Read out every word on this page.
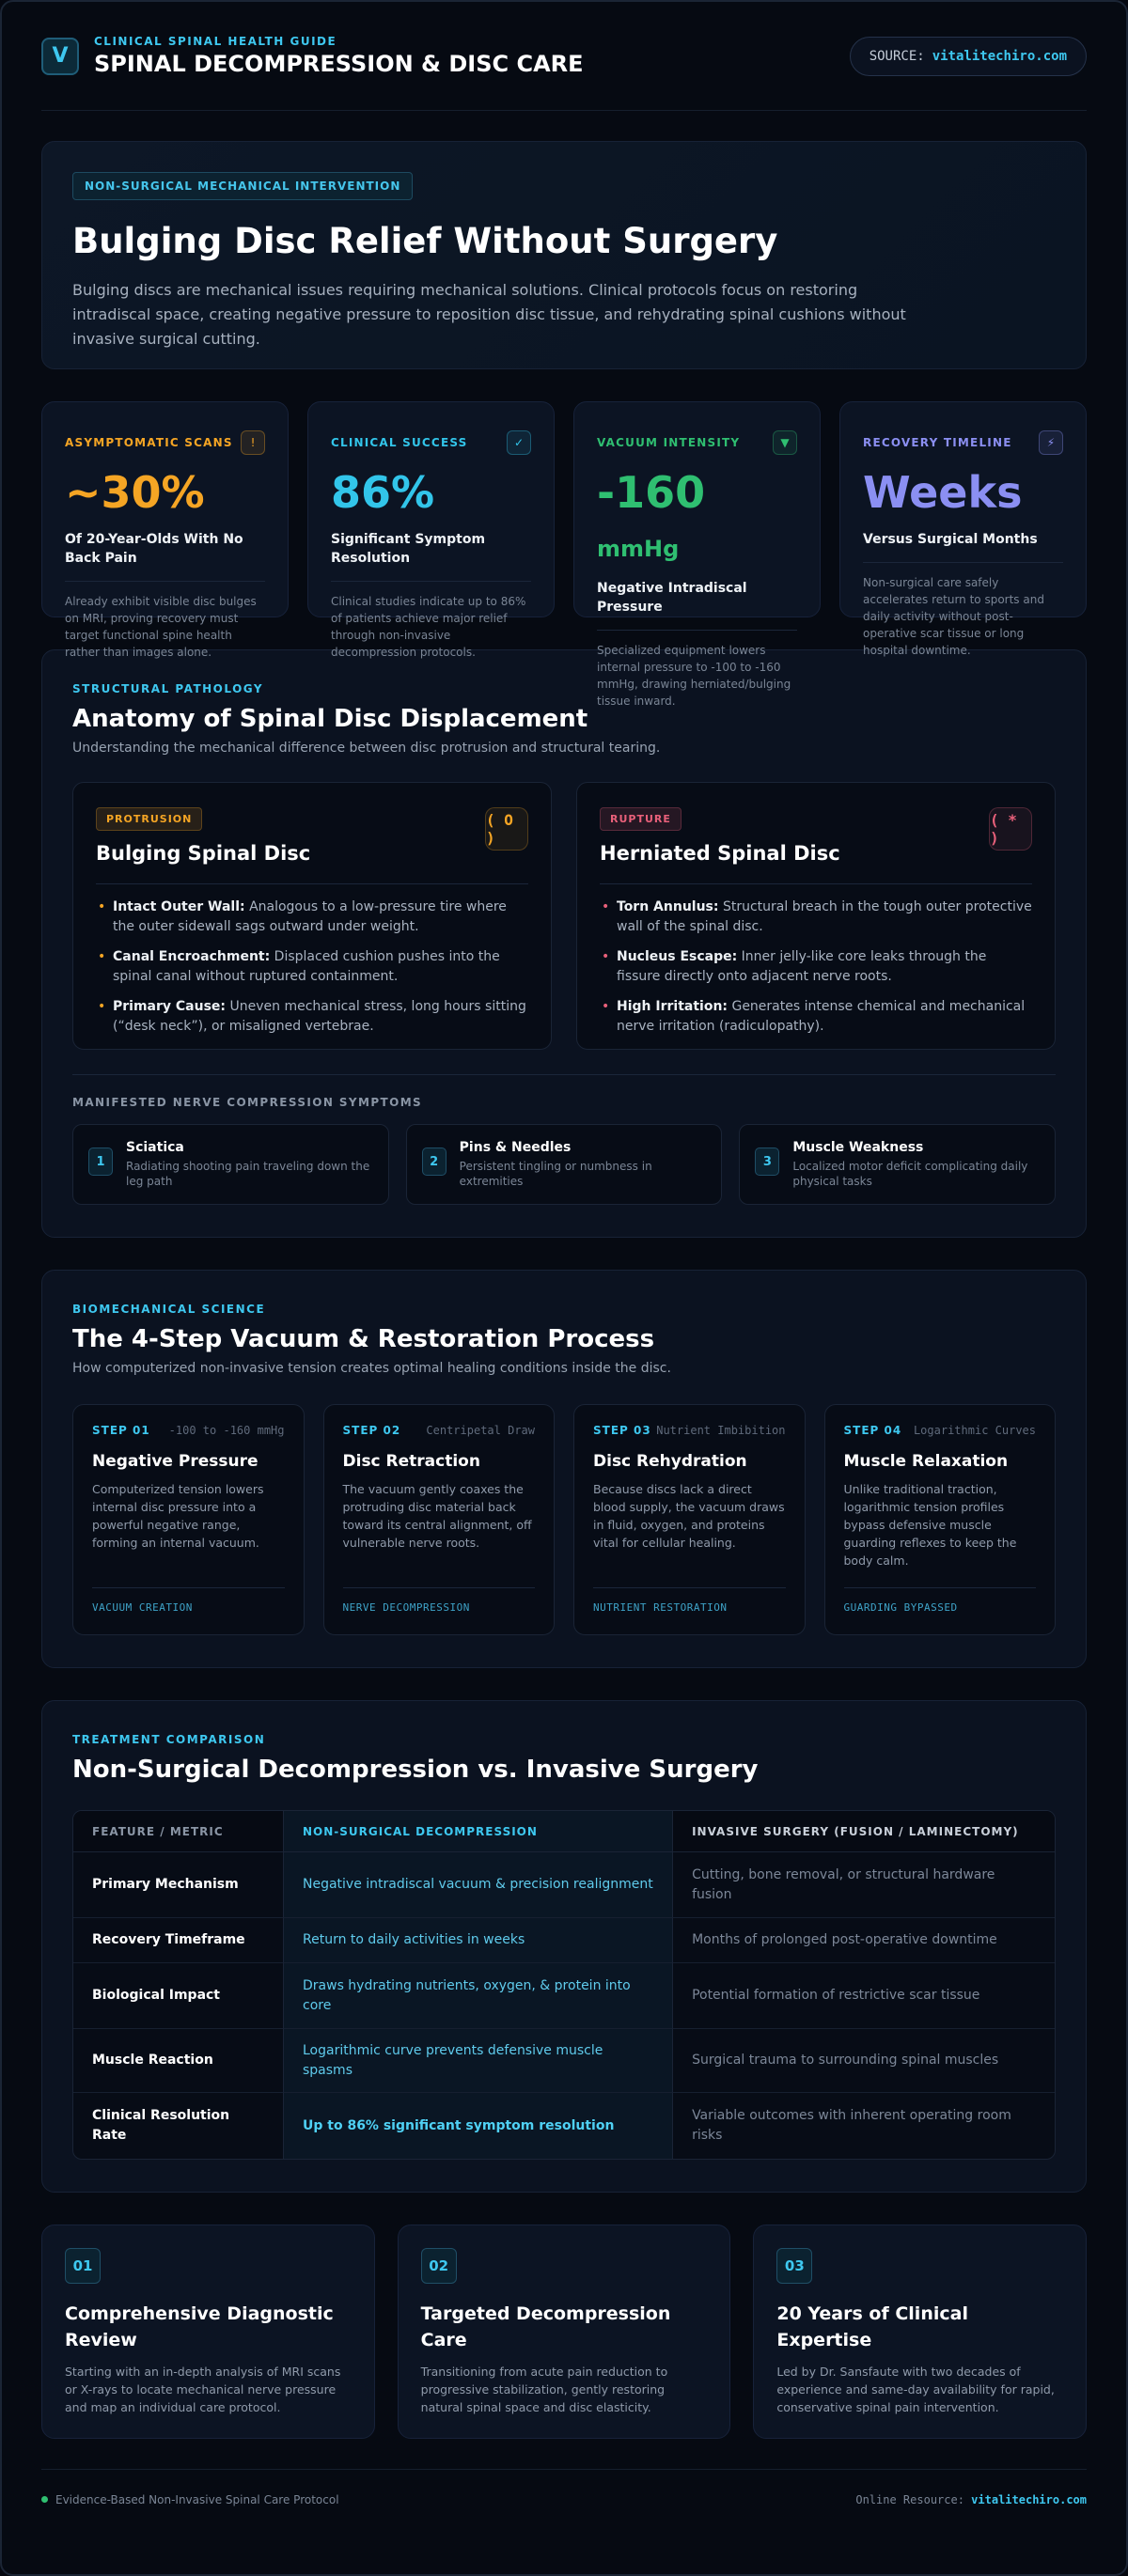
V
CLINICAL SPINAL HEALTH GUIDE
SPINAL DECOMPRESSION & DISC CARE	SOURCE: vitalitechiro.com
NON-SURGICAL MECHANICAL INTERVENTION
Bulging Disc Relief Without Surgery

Bulging discs are mechanical issues requiring mechanical solutions. Clinical protocols focus on restoring intradiscal space, creating negative pressure to reposition disc tissue, and rehydrating spinal cushions without invasive surgical cutting.

ASYMPTOMATIC SCANS	!
~30%
Of 20-Year-Olds With No Back Pain
Already exhibit visible disc bulges on MRI, proving recovery must target functional spine health rather than images alone.
CLINICAL SUCCESS	✓
86%
Significant Symptom Resolution
Clinical studies indicate up to 86% of patients achieve major relief through non-invasive decompression protocols.
VACUUM INTENSITY	▼
-160 mmHg
Negative Intradiscal Pressure
Specialized equipment lowers internal pressure to -100 to -160 mmHg, drawing herniated/bulging tissue inward.
RECOVERY TIMELINE	⚡
Weeks
Versus Surgical Months
Non-surgical care safely accelerates return to sports and daily activity without post-operative scar tissue or long hospital downtime.
STRUCTURAL PATHOLOGY
Anatomy of Spinal Disc Displacement
Understanding the mechanical difference between disc protrusion and structural tearing.
PROTRUSION
Bulging Spinal Disc
( O )
• Intact Outer Wall: Analogous to a low-pressure tire where the outer sidewall sags outward under weight.
• Canal Encroachment: Displaced cushion pushes into the spinal canal without ruptured containment.
• Primary Cause: Uneven mechanical stress, long hours sitting (“desk neck”), or misaligned vertebrae.
RUPTURE
Herniated Spinal Disc
( * )
• Torn Annulus: Structural breach in the tough outer protective wall of the spinal disc.
• Nucleus Escape: Inner jelly-like core leaks through the fissure directly onto adjacent nerve roots.
• High Irritation: Generates intense chemical and mechanical nerve irritation (radiculopathy).
MANIFESTED NERVE COMPRESSION SYMPTOMS
1
Sciatica
Radiating shooting pain traveling down the leg path
2
Pins & Needles
Persistent tingling or numbness in extremities
3
Muscle Weakness
Localized motor deficit complicating daily physical tasks
BIOMECHANICAL SCIENCE
The 4-Step Vacuum & Restoration Process
How computerized non-invasive tension creates optimal healing conditions inside the disc.
STEP 01 -100 to -160 mmHg
Negative Pressure

Computerized tension lowers internal disc pressure into a powerful negative range, forming an internal vacuum.

VACUUM CREATION
STEP 02 Centripetal Draw
Disc Retraction

The vacuum gently coaxes the protruding disc material back toward its central alignment, off vulnerable nerve roots.

NERVE DECOMPRESSION
STEP 03 Nutrient Imbibition
Disc Rehydration

Because discs lack a direct blood supply, the vacuum draws in fluid, oxygen, and proteins vital for cellular healing.

NUTRIENT RESTORATION
STEP 04 Logarithmic Curves
Muscle Relaxation

Unlike traditional traction, logarithmic tension profiles bypass defensive muscle guarding reflexes to keep the body calm.

GUARDING BYPASSED
TREATMENT COMPARISON
Non-Surgical Decompression vs. Invasive Surgery
FEATURE / METRIC	NON-SURGICAL DECOMPRESSION	INVASIVE SURGERY (FUSION / LAMINECTOMY)
Primary Mechanism	Negative intradiscal vacuum & precision realignment	Cutting, bone removal, or structural hardware fusion
Recovery Timeframe	Return to daily activities in weeks	Months of prolonged post-operative downtime
Biological Impact	Draws hydrating nutrients, oxygen, & protein into core	Potential formation of restrictive scar tissue
Muscle Reaction	Logarithmic curve prevents defensive muscle spasms	Surgical trauma to surrounding spinal muscles
Clinical Resolution Rate	Up to 86% significant symptom resolution	Variable outcomes with inherent operating room risks
01
Comprehensive Diagnostic Review

Starting with an in-depth analysis of MRI scans or X-rays to locate mechanical nerve pressure and map an individual care protocol.

02
Targeted Decompression Care

Transitioning from acute pain reduction to progressive stabilization, gently restoring natural spinal space and disc elasticity.

03
20 Years of Clinical Expertise

Led by Dr. Sansfaute with two decades of experience and same-day availability for rapid, conservative spinal pain intervention.

Evidence-Based Non-Invasive Spinal Care Protocol	Online Resource: vitalitechiro.com
